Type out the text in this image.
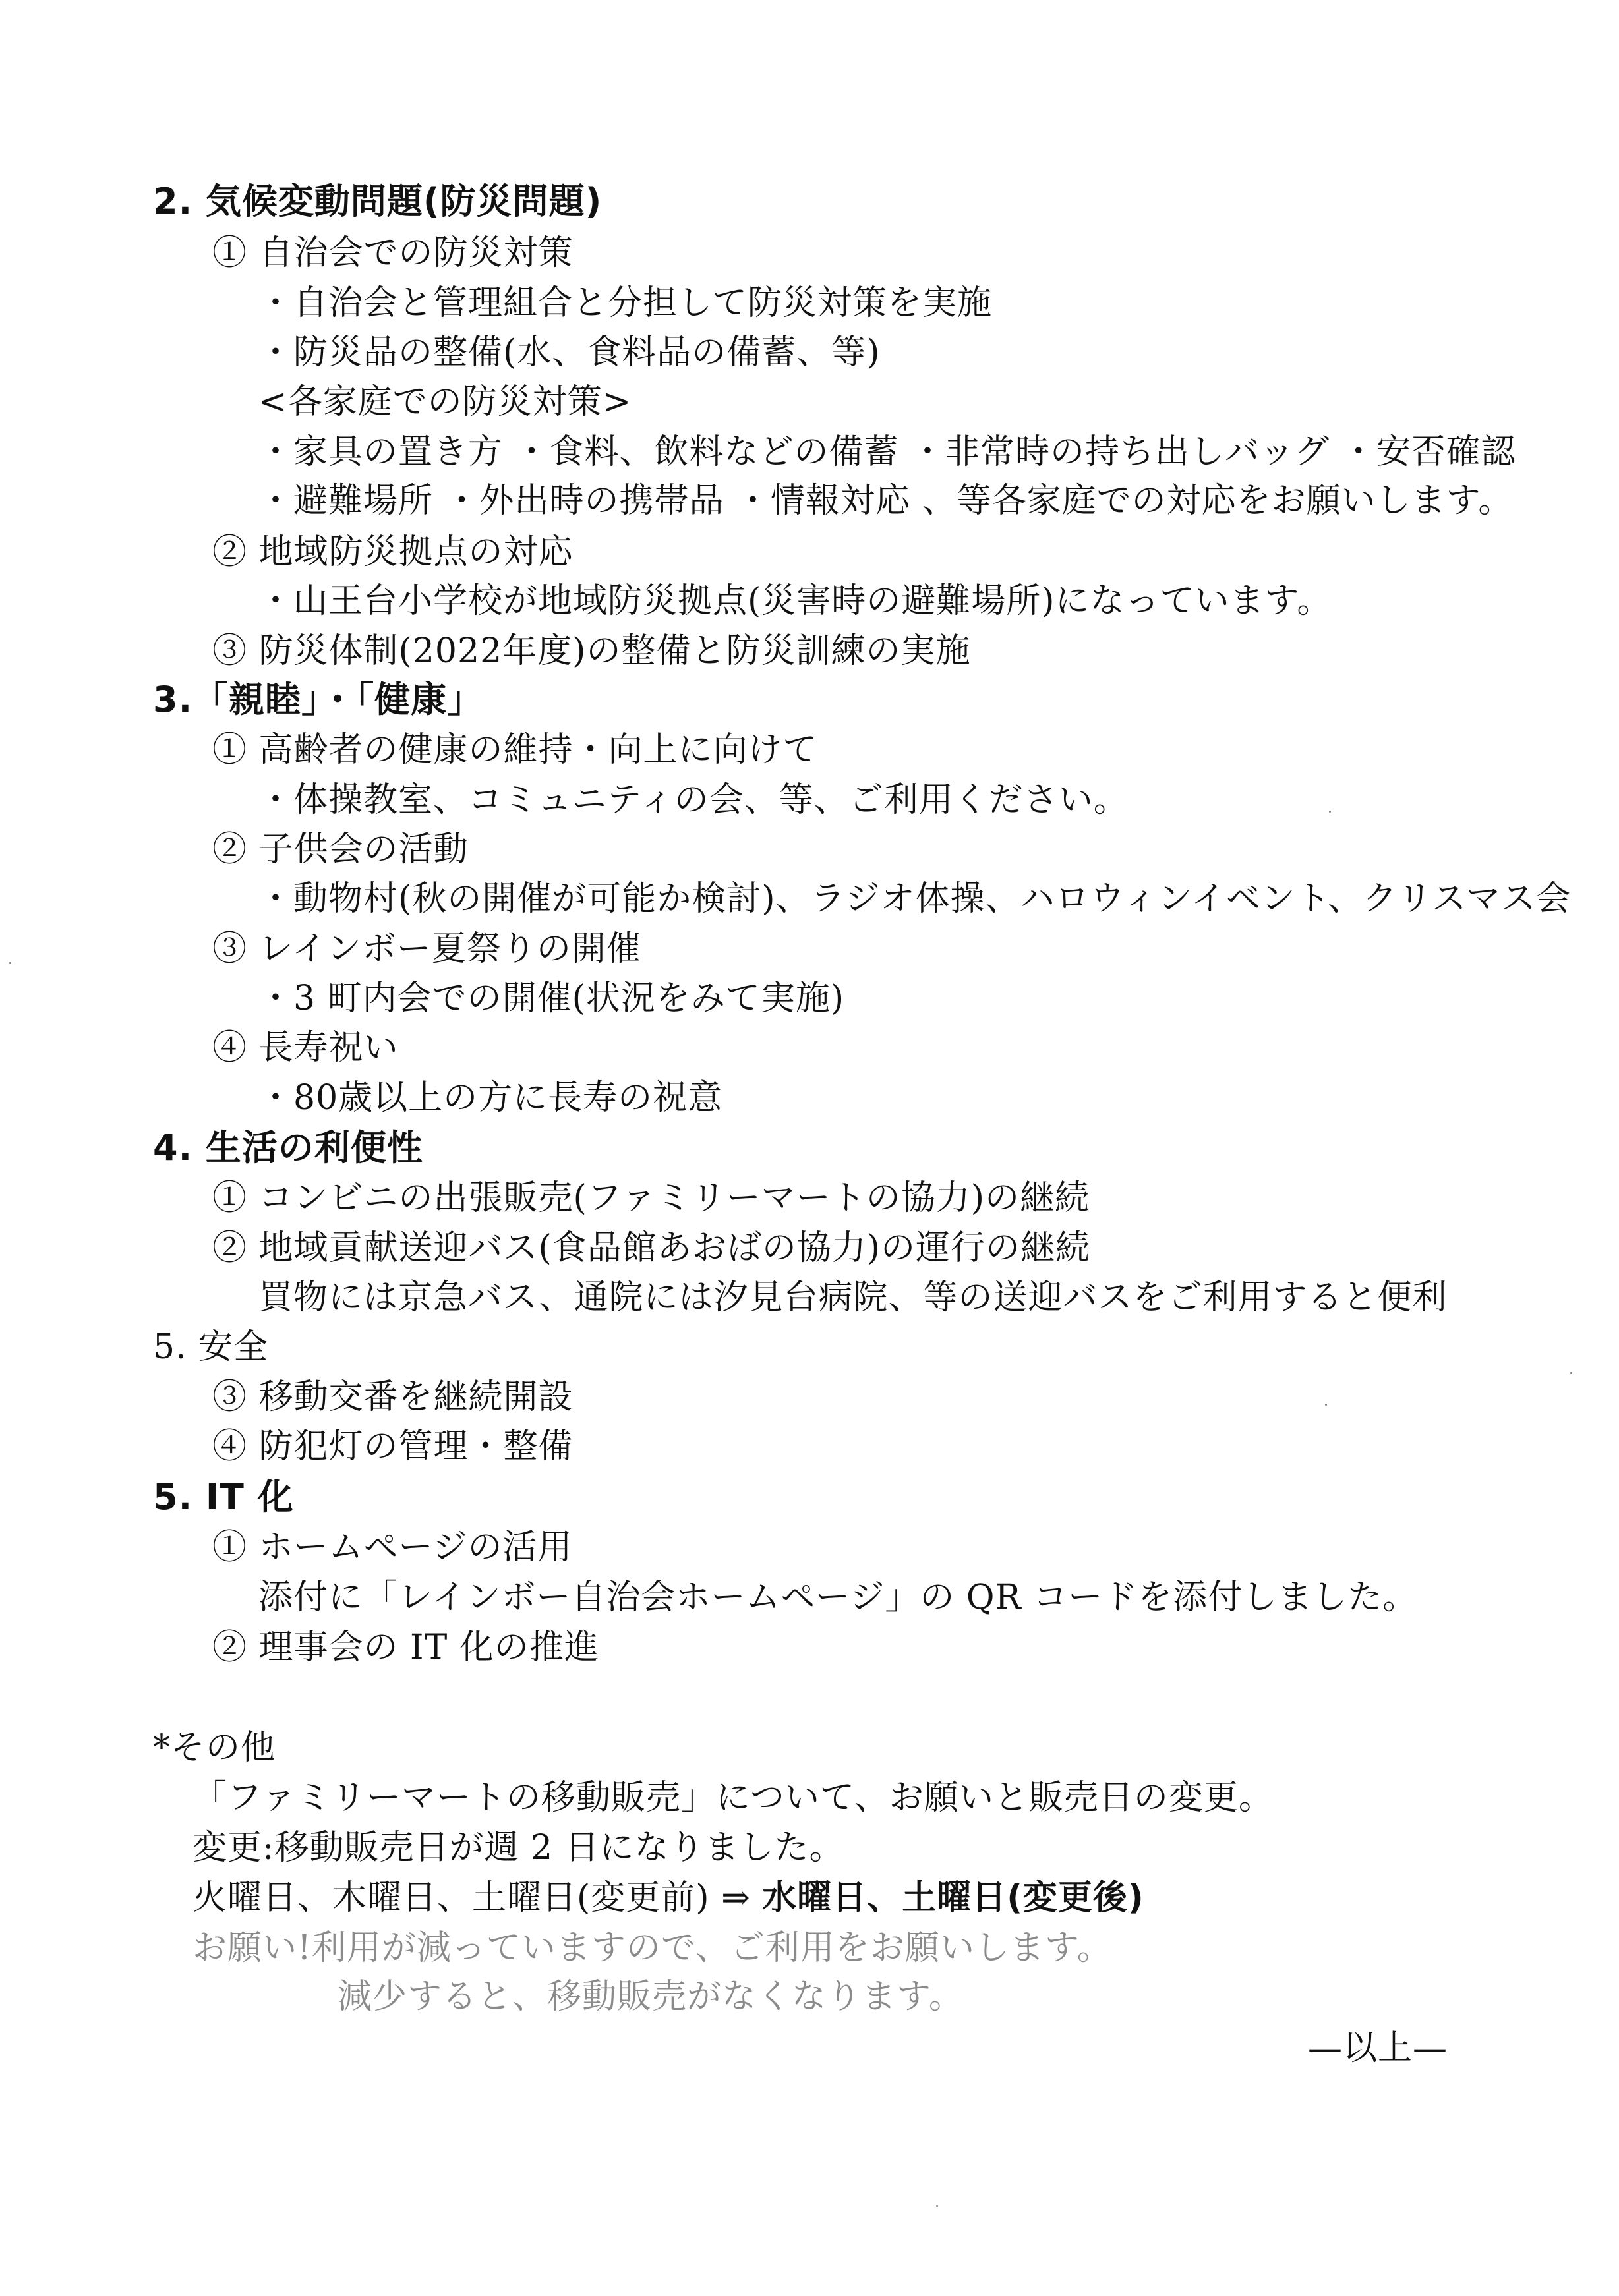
2. 気候変動問題(防災問題)
① 自治会での防災対策
・自治会と管理組合と分担して防災対策を実施
・防災品の整備(水、食料品の備蓄、等)
<各家庭での防災対策>
・家具の置き方 ・食料、飲料などの備蓄 ・非常時の持ち出しバッグ ・安否確認
・避難場所 ・外出時の携帯品 ・情報対応 、等各家庭での対応をお願いします。
② 地域防災拠点の対応
・山王台小学校が地域防災拠点(災害時の避難場所)になっています。
③ 防災体制(2022年度)の整備と防災訓練の実施
3.「親睦」・「健康」
① 高齢者の健康の維持・向上に向けて
・体操教室、コミュニティの会、等、ご利用ください。
② 子供会の活動
・動物村(秋の開催が可能か検討)、ラジオ体操、ハロウィンイベント、クリスマス会
③ レインボー夏祭りの開催
・3 町内会での開催(状況をみて実施)
④ 長寿祝い
・80歳以上の方に長寿の祝意
4. 生活の利便性
① コンビニの出張販売(ファミリーマートの協力)の継続
② 地域貢献送迎バス(食品館あおばの協力)の運行の継続
買物には京急バス、通院には汐見台病院、等の送迎バスをご利用すると便利
5. 安全
③ 移動交番を継続開設
④ 防犯灯の管理・整備
5. IT 化
① ホームページの活用
添付に「レインボー自治会ホームページ」の QR コードを添付しました。
② 理事会の IT 化の推進
*その他
「ファミリーマートの移動販売」について、お願いと販売日の変更。
変更:移動販売日が週 2 日になりました。
火曜日、木曜日、土曜日(変更前) ⇒ 水曜日、土曜日(変更後)
お願い!利用が減っていますので、ご利用をお願いします。
減少すると、移動販売がなくなります。
—以上—
